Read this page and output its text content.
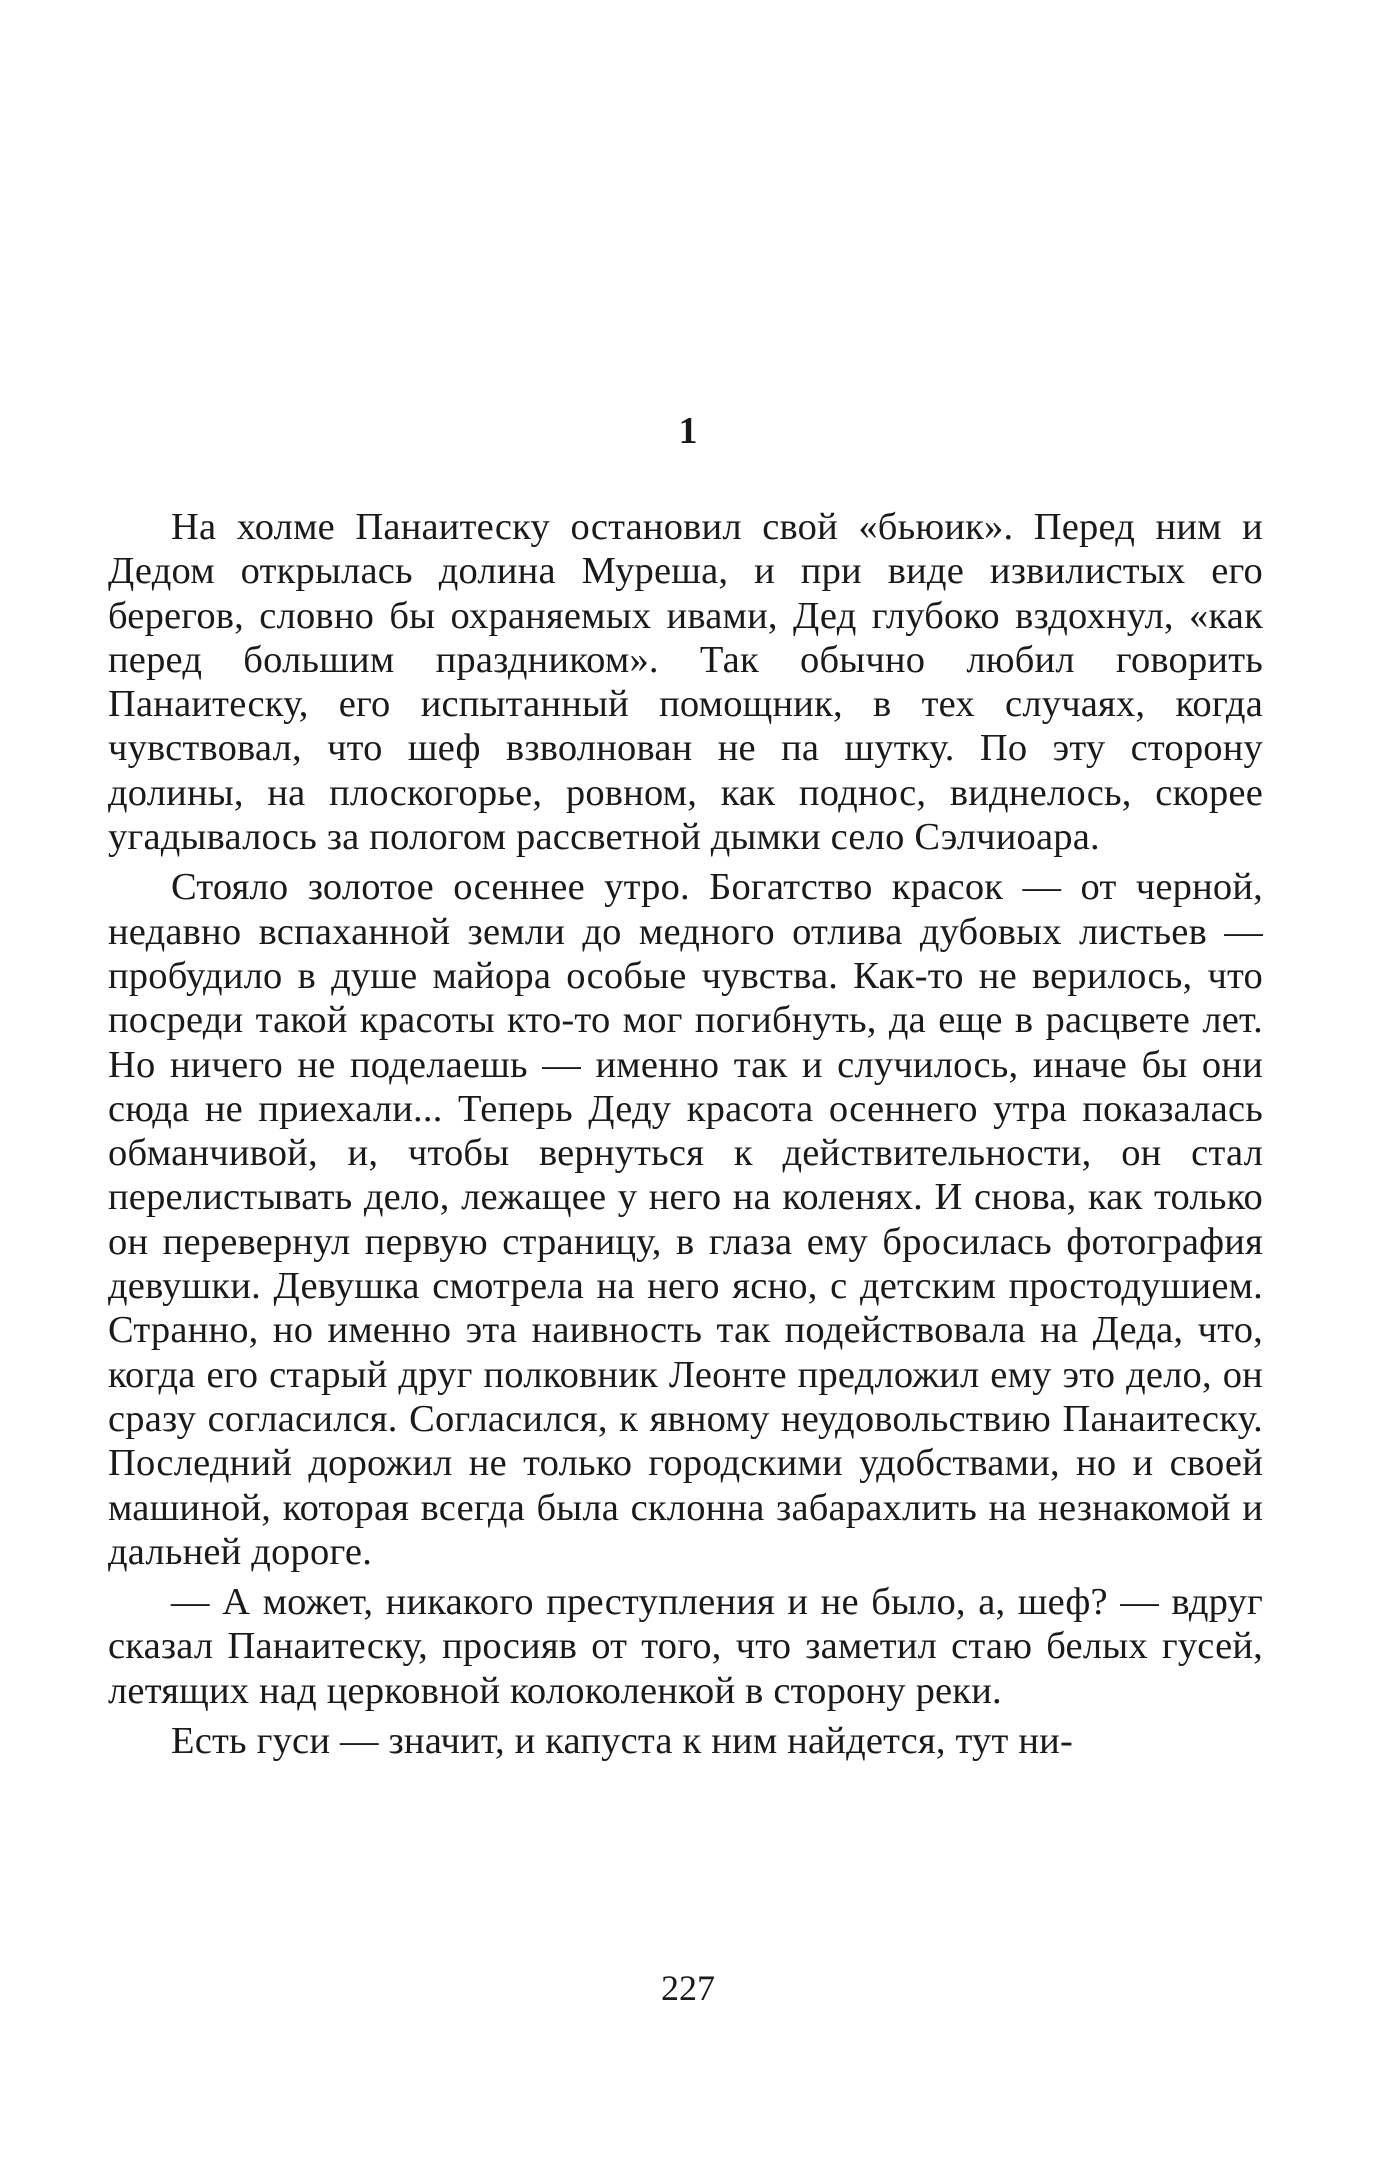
1

На холме Панаитеску остановил свой «бьюик». Перед ним и Дедом открылась долина Муреша, и при виде извилистых его берегов, словно бы охраняемых ивами, Дед глубоко вздохнул, «как перед большим праздником». Так обычно любил говорить Панаитеску, его испытанный помощник, в тех случаях, когда чувствовал, что шеф взволнован не па шутку. По эту сторону долины, на плоскогорье, ровном, как поднос, виднелось, скорее угадывалось за пологом рассветной дымки село Сэлчиоара.

Стояло золотое осеннее утро. Богатство красок — от черной, недавно вспаханной земли до медного отлива дубовых листьев — пробудило в душе майора особые чувства. Как-то не верилось, что посреди такой красоты кто-то мог погибнуть, да еще в расцвете лет. Но ничего не поделаешь — именно так и случилось, иначе бы они сюда не приехали... Теперь Деду красота осеннего утра показалась обманчивой, и, чтобы вернуться к действительности, он стал перелистывать дело, лежащее у него на коленях. И снова, как только он перевернул первую страницу, в глаза ему бросилась фотография девушки. Девушка смотрела на него ясно, с детским простодушием. Странно, но именно эта наивность так подействовала на Деда, что, когда его старый друг полковник Леонте предложил ему это дело, он сразу согласился. Согласился, к явному неудовольствию Панаитеску. Последний дорожил не только городскими удобствами, но и своей машиной, которая всегда была склонна забарахлить на незнакомой и дальней дороге.

— А может, никакого преступления и не было, а, шеф? — вдруг сказал Панаитеску, просияв от того, что заметил стаю белых гусей, летящих над церковной колоколенкой в сторону реки.

Есть гуси — значит, и капуста к ним найдется, тут ни-

227
